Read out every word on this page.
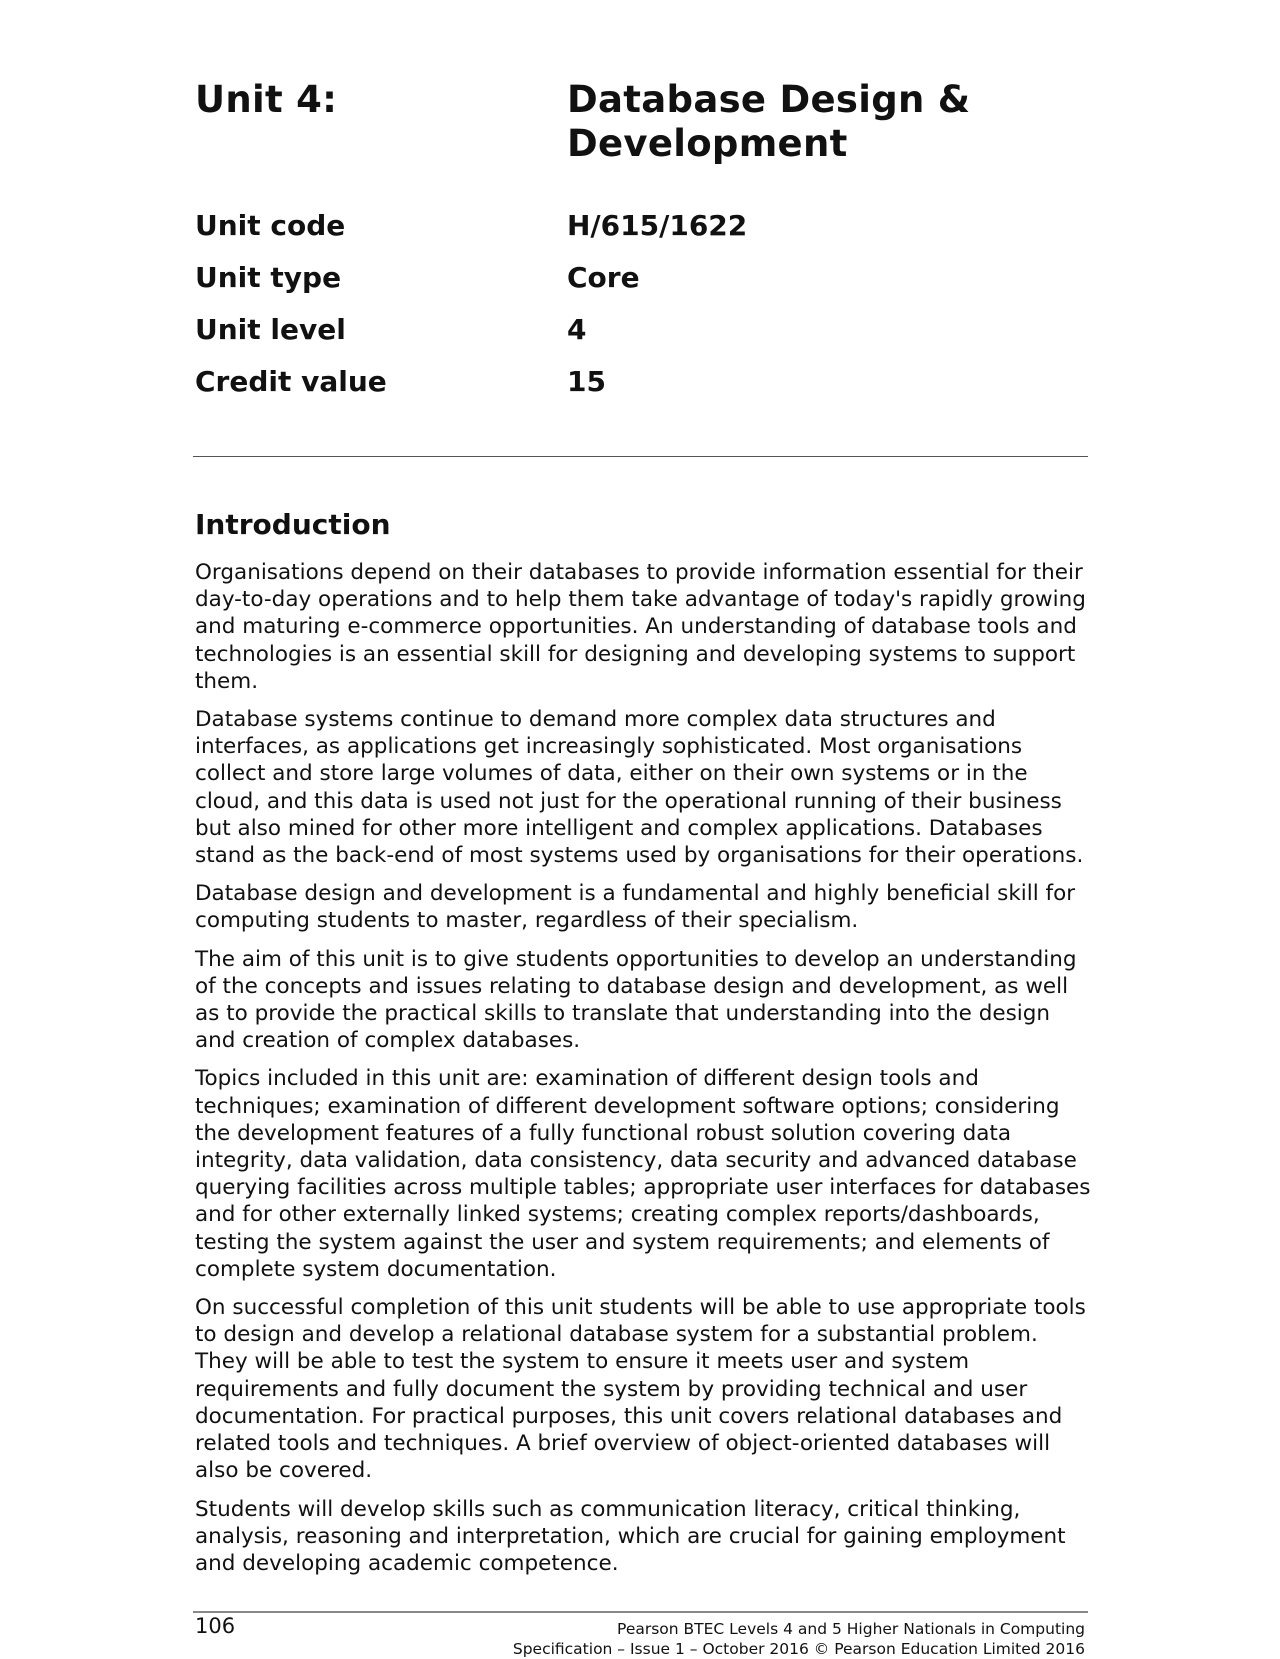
Unit 4:	Database Design &
Development
Unit code	H/615/1622
Unit type	Core
Unit level	4
Credit value	15
Introduction

Organisations depend on their databases to provide information essential for their day-to-day operations and to help them take advantage of today's rapidly growing and maturing e-commerce opportunities. An understanding of database tools and technologies is an essential skill for designing and developing systems to support them.

Database systems continue to demand more complex data structures and interfaces, as applications get increasingly sophisticated. Most organisations collect and store large volumes of data, either on their own systems or in the cloud, and this data is used not just for the operational running of their business but also mined for other more intelligent and complex applications. Databases stand as the back-end of most systems used by organisations for their operations.

Database design and development is a fundamental and highly beneficial skill for computing students to master, regardless of their specialism.

The aim of this unit is to give students opportunities to develop an understanding of the concepts and issues relating to database design and development, as well as to provide the practical skills to translate that understanding into the design and creation of complex databases.

Topics included in this unit are: examination of different design tools and techniques; examination of different development software options; considering the development features of a fully functional robust solution covering data integrity, data validation, data consistency, data security and advanced database querying facilities across multiple tables; appropriate user interfaces for databases and for other externally linked systems; creating complex reports/dashboards, testing the system against the user and system requirements; and elements of complete system documentation.

On successful completion of this unit students will be able to use appropriate tools to design and develop a relational database system for a substantial problem. They will be able to test the system to ensure it meets user and system requirements and fully document the system by providing technical and user documentation. For practical purposes, this unit covers relational databases and related tools and techniques. A brief overview of object-oriented databases will also be covered.

Students will develop skills such as communication literacy, critical thinking, analysis, reasoning and interpretation, which are crucial for gaining employment and developing academic competence.

106	Pearson BTEC Levels 4 and 5 Higher Nationals in Computing
Specification – Issue 1 – October 2016 © Pearson Education Limited 2016
